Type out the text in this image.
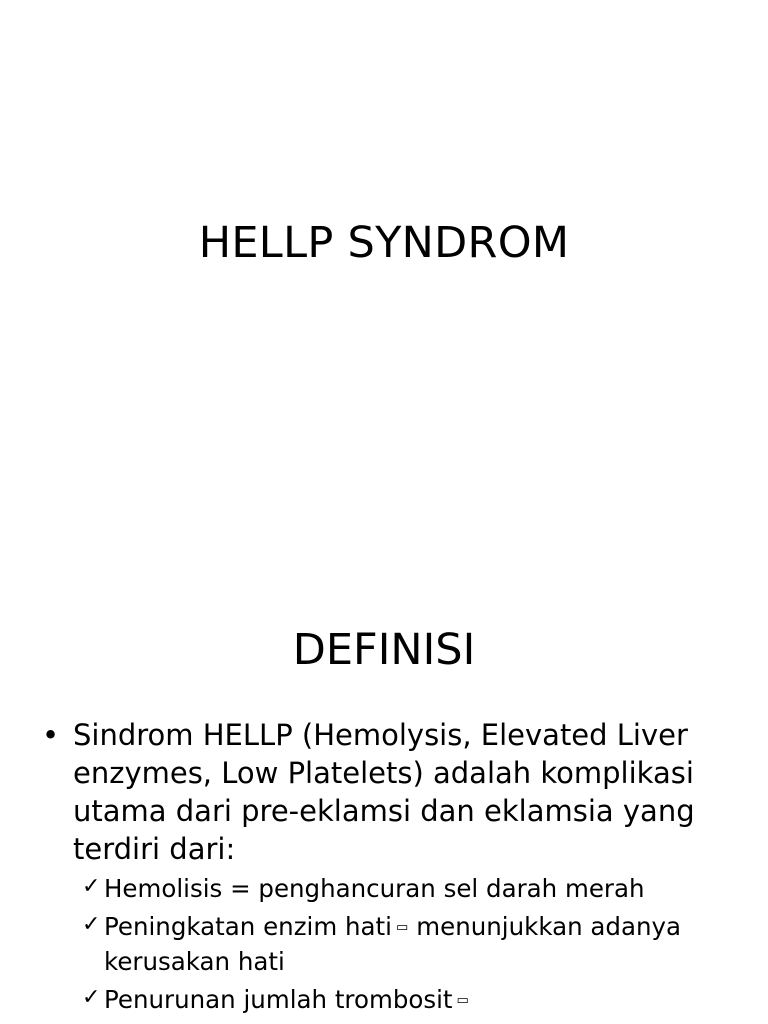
HELLP SYNDROM
DEFINISI
• Sindrom HELLP (Hemolysis, Elevated Liver enzymes, Low Platelets) adalah komplikasi utama dari pre-eklamsi dan eklamsia yang terdiri dari:
✓ Hemolisis = penghancuran sel darah merah
✓ Peningkatan enzim hati ▭ menunjukkan adanya kerusakan hati
✓ Penurunan jumlah trombosit ▭
